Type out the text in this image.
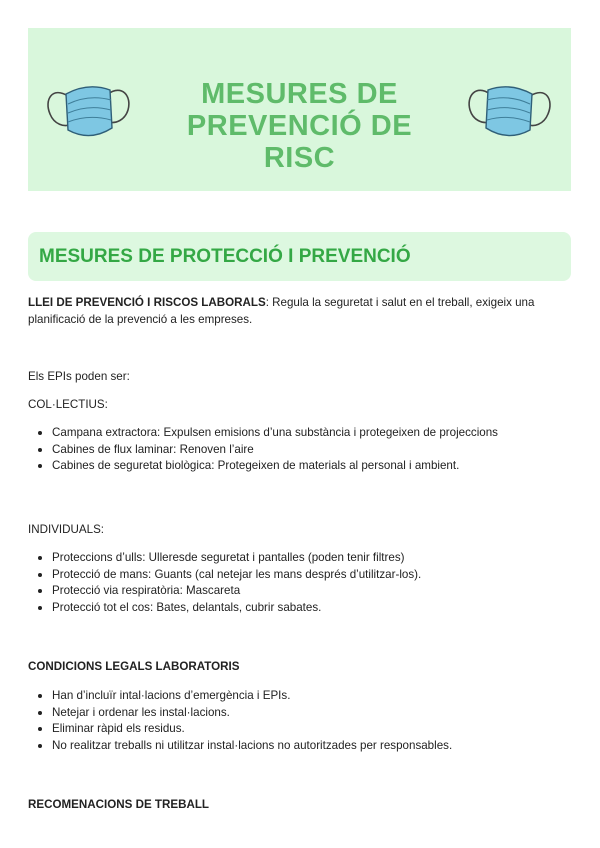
MESURES DE
PREVENCIÓ DE RISC
MESURES DE PROTECCIÓ I PREVENCIÓ
LLEI DE PREVENCIÓ I RISCOS LABORALS: Regula la seguretat i salut en el treball, exigeix una planificació de la prevenció a les empreses.
Els EPIs poden ser:
COL·LECTIUS:
Campana extractora: Expulsen emisions d’una substància i protegeixen de projeccions
Cabines de flux laminar: Renoven l’aire
Cabines de seguretat biològica: Protegeixen de materials al personal i ambient.
INDIVIDUALS:
Proteccions d’ulls: Ulleresde seguretat i pantalles (poden tenir filtres)
Protecció de mans: Guants (cal netejar les mans després d’utilitzar-los).
Protecció via respiratòria: Mascareta
Protecció tot el cos: Bates, delantals, cubrir sabates.
CONDICIONS LEGALS LABORATORIS
Han d’incluïr intal·lacions d’emergència i EPIs.
Netejar i ordenar les instal·lacions.
Eliminar ràpid els residus.
No realitzar treballs ni utilitzar instal·lacions no autoritzades per responsables.
RECOMENACIONS DE TREBALL
